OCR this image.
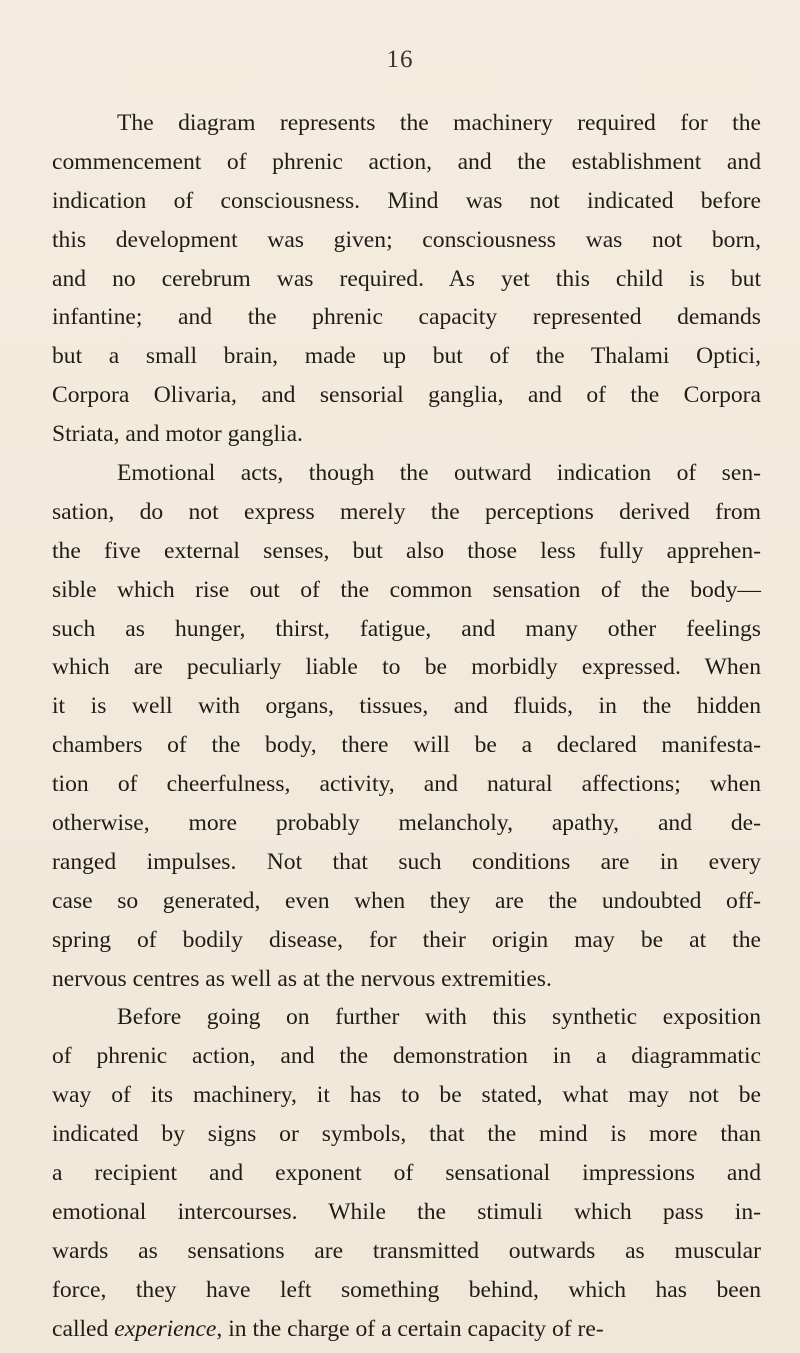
16
The diagram represents the machinery required for the
commencement of phrenic action, and the establishment and
indication of consciousness. Mind was not indicated before
this development was given; consciousness was not born,
and no cerebrum was required. As yet this child is but
infantine; and the phrenic capacity represented demands
but a small brain, made up but of the Thalami Optici,
Corpora Olivaria, and sensorial ganglia, and of the Corpora
Striata, and motor ganglia.
Emotional acts, though the outward indication of sen-
sation, do not express merely the perceptions derived from
the five external senses, but also those less fully apprehen-
sible which rise out of the common sensation of the body—
such as hunger, thirst, fatigue, and many other feelings
which are peculiarly liable to be morbidly expressed. When
it is well with organs, tissues, and fluids, in the hidden
chambers of the body, there will be a declared manifesta-
tion of cheerfulness, activity, and natural affections; when
otherwise, more probably melancholy, apathy, and de-
ranged impulses. Not that such conditions are in every
case so generated, even when they are the undoubted off-
spring of bodily disease, for their origin may be at the
nervous centres as well as at the nervous extremities.
Before going on further with this synthetic exposition
of phrenic action, and the demonstration in a diagrammatic
way of its machinery, it has to be stated, what may not be
indicated by signs or symbols, that the mind is more than
a recipient and exponent of sensational impressions and
emotional intercourses. While the stimuli which pass in-
wards as sensations are transmitted outwards as muscular
force, they have left something behind, which has been
called experience, in the charge of a certain capacity of re-
